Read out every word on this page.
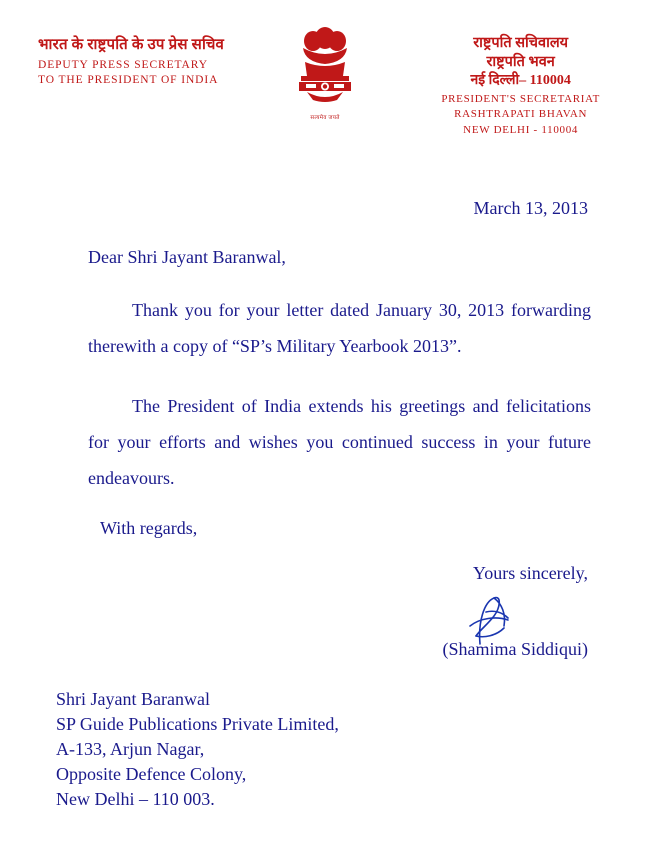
भारत के राष्ट्रपति के उप प्रेस सचिव
DEPUTY PRESS SECRETARY
TO THE PRESIDENT OF INDIA
सत्यमेव जयते
राष्ट्रपति सचिवालय
राष्ट्रपति भवन
नई दिल्ली– 110004
PRESIDENT'S SECRETARIAT
RASHTRAPATI BHAVAN
NEW DELHI - 110004
March 13, 2013
Dear Shri Jayant Baranwal,
Thank you for your letter dated January 30, 2013 forwarding therewith a copy of “SP’s Military Yearbook 2013”.
The President of India extends his greetings and felicitations for your efforts and wishes you continued success in your future endeavours.
With regards,
Yours sincerely,
(Shamima Siddiqui)
Shri Jayant Baranwal
SP Guide Publications Private Limited,
A-133, Arjun Nagar,
Opposite Defence Colony,
New Delhi – 110 003.
